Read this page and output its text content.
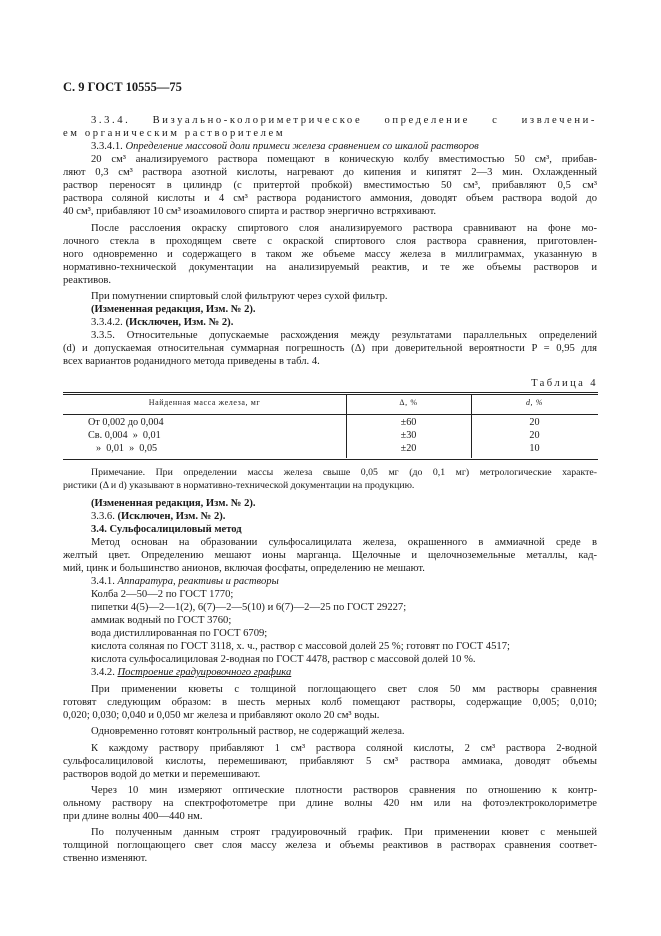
С. 9 ГОСТ 10555—75
3.3.4. Визуально-колориметрическое определение с извлечени-
ем органическим растворителем
3.3.4.1. Определение массовой доли примеси железа сравнением со шкалой растворов
20 см³ анализируемого раствора помещают в коническую колбу вместимостью 50 см³, прибав-
ляют 0,3 см³ раствора азотной кислоты, нагревают до кипения и кипятят 2—3 мин. Охлажденный
раствор переносят в цилиндр (с притертой пробкой) вместимостью 50 см³, прибавляют 0,5 см³
раствора соляной кислоты и 4 см³ раствора роданистого аммония, доводят объем раствора водой до
40 см³, прибавляют 10 см³ изоамилового спирта и раствор энергично встряхивают.
После расслоения окраску спиртового слоя анализируемого раствора сравнивают на фоне мо-
лочного стекла в проходящем свете с окраской спиртового слоя раствора сравнения, приготовлен-
ного одновременно и содержащего в таком же объеме массу железа в миллиграммах, указанную в
нормативно-технической документации на анализируемый реактив, и те же объемы растворов и
реактивов.
При помутнении спиртовый слой фильтруют через сухой фильтр.
(Измененная редакция, Изм. № 2).
3.3.4.2. (Исключен, Изм. № 2).
3.3.5. Относительные допускаемые расхождения между результатами параллельных определений
(d) и допускаемая относительная суммарная погрешность (Δ) при доверительной вероятности P = 0,95 для
всех вариантов роданидного метода приведены в табл. 4.
Таблица 4
Найденная масса железа, мг	Δ, %	d, %
От 0,002 до 0,004	±60	20
Св. 0,004  »  0,01	±30	20
»  0,01  »  0,05	±20	10
Примечание. При определении массы железа свыше 0,05 мг (до 0,1 мг) метрологические характе-
ристики (Δ и d) указывают в нормативно-технической документации на продукцию.
(Измененная редакция, Изм. № 2).
3.3.6. (Исключен, Изм. № 2).
3.4. Сульфосалициловый метод
Метод основан на образовании сульфосалицилата железа, окрашенного в аммиачной среде в
желтый цвет. Определению мешают ионы марганца. Щелочные и щелочноземельные металлы, кад-
мий, цинк и большинство анионов, включая фосфаты, определению не мешают.
3.4.1. Аппаратура, реактивы и растворы
Колба 2—50—2 по ГОСТ 1770;
пипетки 4(5)—2—1(2), 6(7)—2—5(10) и 6(7)—2—25 по ГОСТ 29227;
аммиак водный по ГОСТ 3760;
вода дистиллированная по ГОСТ 6709;
кислота соляная по ГОСТ 3118, х. ч., раствор с массовой долей 25 %; готовят по ГОСТ 4517;
кислота сульфосалициловая 2-водная по ГОСТ 4478, раствор с массовой долей 10 %.
3.4.2. Построение градуировочного графика
При применении кюветы с толщиной поглощающего свет слоя 50 мм растворы сравнения
готовят следующим образом: в шесть мерных колб помещают растворы, содержащие 0,005; 0,010;
0,020; 0,030; 0,040 и 0,050 мг железа и прибавляют около 20 см³ воды.
Одновременно готовят контрольный раствор, не содержащий железа.
К каждому раствору прибавляют 1 см³ раствора соляной кислоты, 2 см³ раствора 2-водной
сульфосалициловой кислоты, перемешивают, прибавляют 5 см³ раствора аммиака, доводят объемы
растворов водой до метки и перемешивают.
Через 10 мин измеряют оптические плотности растворов сравнения по отношению к контр-
ольному раствору на спектрофотометре при длине волны 420 нм или на фотоэлектроколориметре
при длине волны 400—440 нм.
По полученным данным строят градуировочный график. При применении кювет с меньшей
толщиной поглощающего свет слоя массу железа и объемы реактивов в растворах сравнения соответ-
ственно изменяют.
